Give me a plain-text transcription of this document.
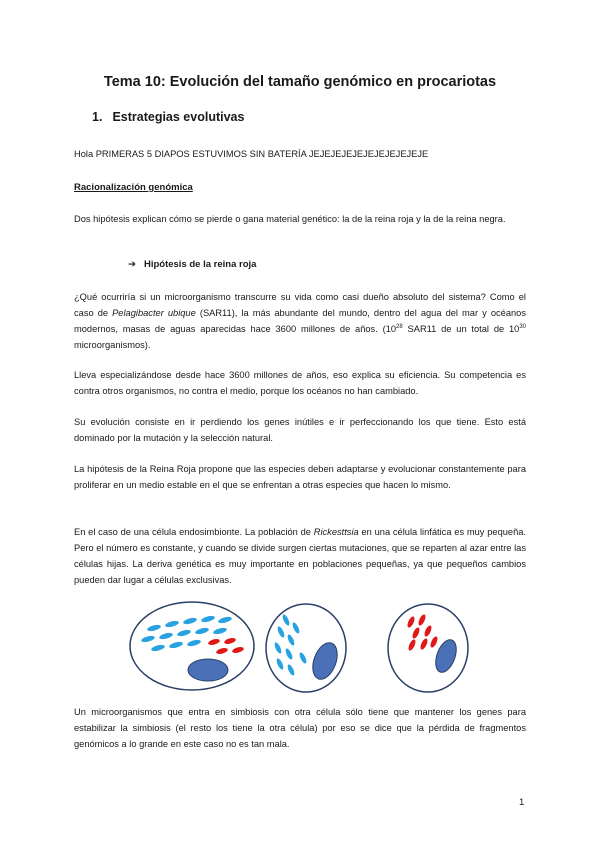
Tema 10: Evolución del tamaño genómico en procariotas
1. Estrategias evolutivas
Hola PRIMERAS 5 DIAPOS ESTUVIMOS SIN BATERÍA JEJEJEJEJEJEJEJEJEJEJE
Racionalización genómica
Dos hipótesis explican cómo se pierde o gana material genético: la de la reina roja y la de la reina negra.
➔ Hipótesis de la reina roja
¿Qué ocurriría si un microorganismo transcurre su vida como casi dueño absoluto del sistema? Como el caso de Pelagibacter ubique (SAR11), la más abundante del mundo, dentro del agua del mar y océanos modernos, masas de aguas aparecidas hace 3600 millones de años. ($10^{28}$ SAR11 de un total de $10^{30}$ microorganismos).
Lleva especializándose desde hace 3600 millones de años, eso explica su eficiencia. Su competencia es contra otros organismos, no contra el medio, porque los océanos no han cambiado.
Su evolución consiste en ir perdiendo los genes inútiles e ir perfeccionando los que tiene. Esto está dominado por la mutación y la selección natural.
La hipótesis de la Reina Roja propone que las especies deben adaptarse y evolucionar constantemente para proliferar en un medio estable en el que se enfrentan a otras especies que hacen lo mismo.
En el caso de una célula endosimbionte. La población de Rickesttsia en una célula linfática es muy pequeña. Pero el número es constante, y cuando se divide surgen ciertas mutaciones, que se reparten al azar entre las células hijas. La deriva genética es muy importante en poblaciones pequeñas, ya que pequeños cambios pueden dar lugar a células exclusivas.
Un microorganismos que entra en simbiosis con otra célula sólo tiene que mantener los genes para estabilizar la simbiosis (el resto los tiene la otra célula) por eso se dice que la pérdida de fragmentos genómicos a lo grande en este caso no es tan mala.
1
